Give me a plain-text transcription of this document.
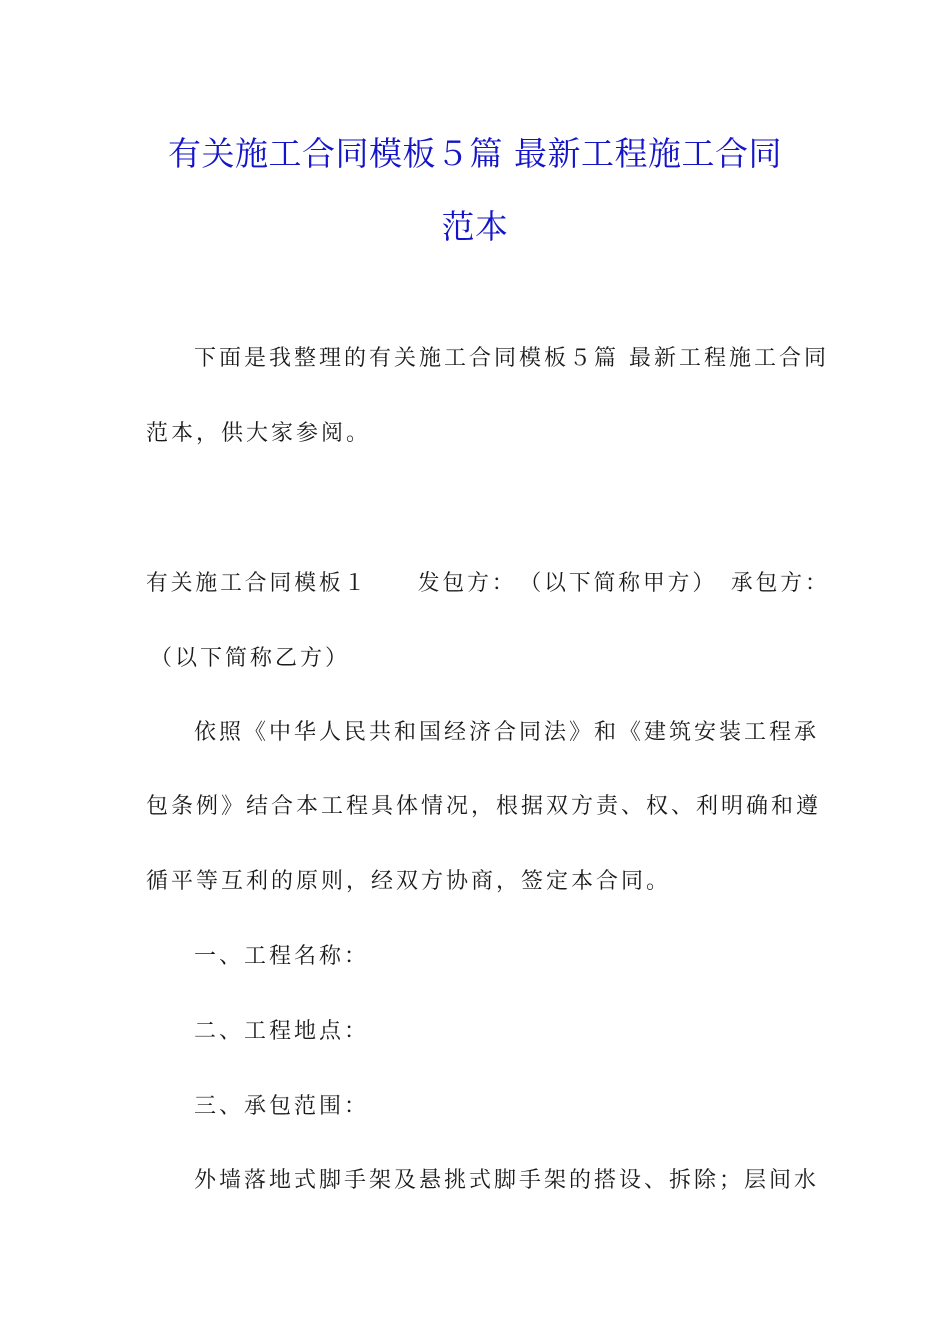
有关施工合同模板５篇 最新工程施工合同
范本
下面是我整理的有关施工合同模板５篇 最新工程施工合同
范本，供大家参阅。
有关施工合同模板１　　发包方：　（以下简称甲方）　承包方：
（以下简称乙方）
依照《中华人民共和国经济合同法》和《建筑安装工程承
包条例》结合本工程具体情况，根据双方责、权、利明确和遵
循平等互利的原则，经双方协商，签定本合同。
一、工程名称：
二、工程地点：
三、承包范围：
外墙落地式脚手架及悬挑式脚手架的搭设、拆除；层间水
